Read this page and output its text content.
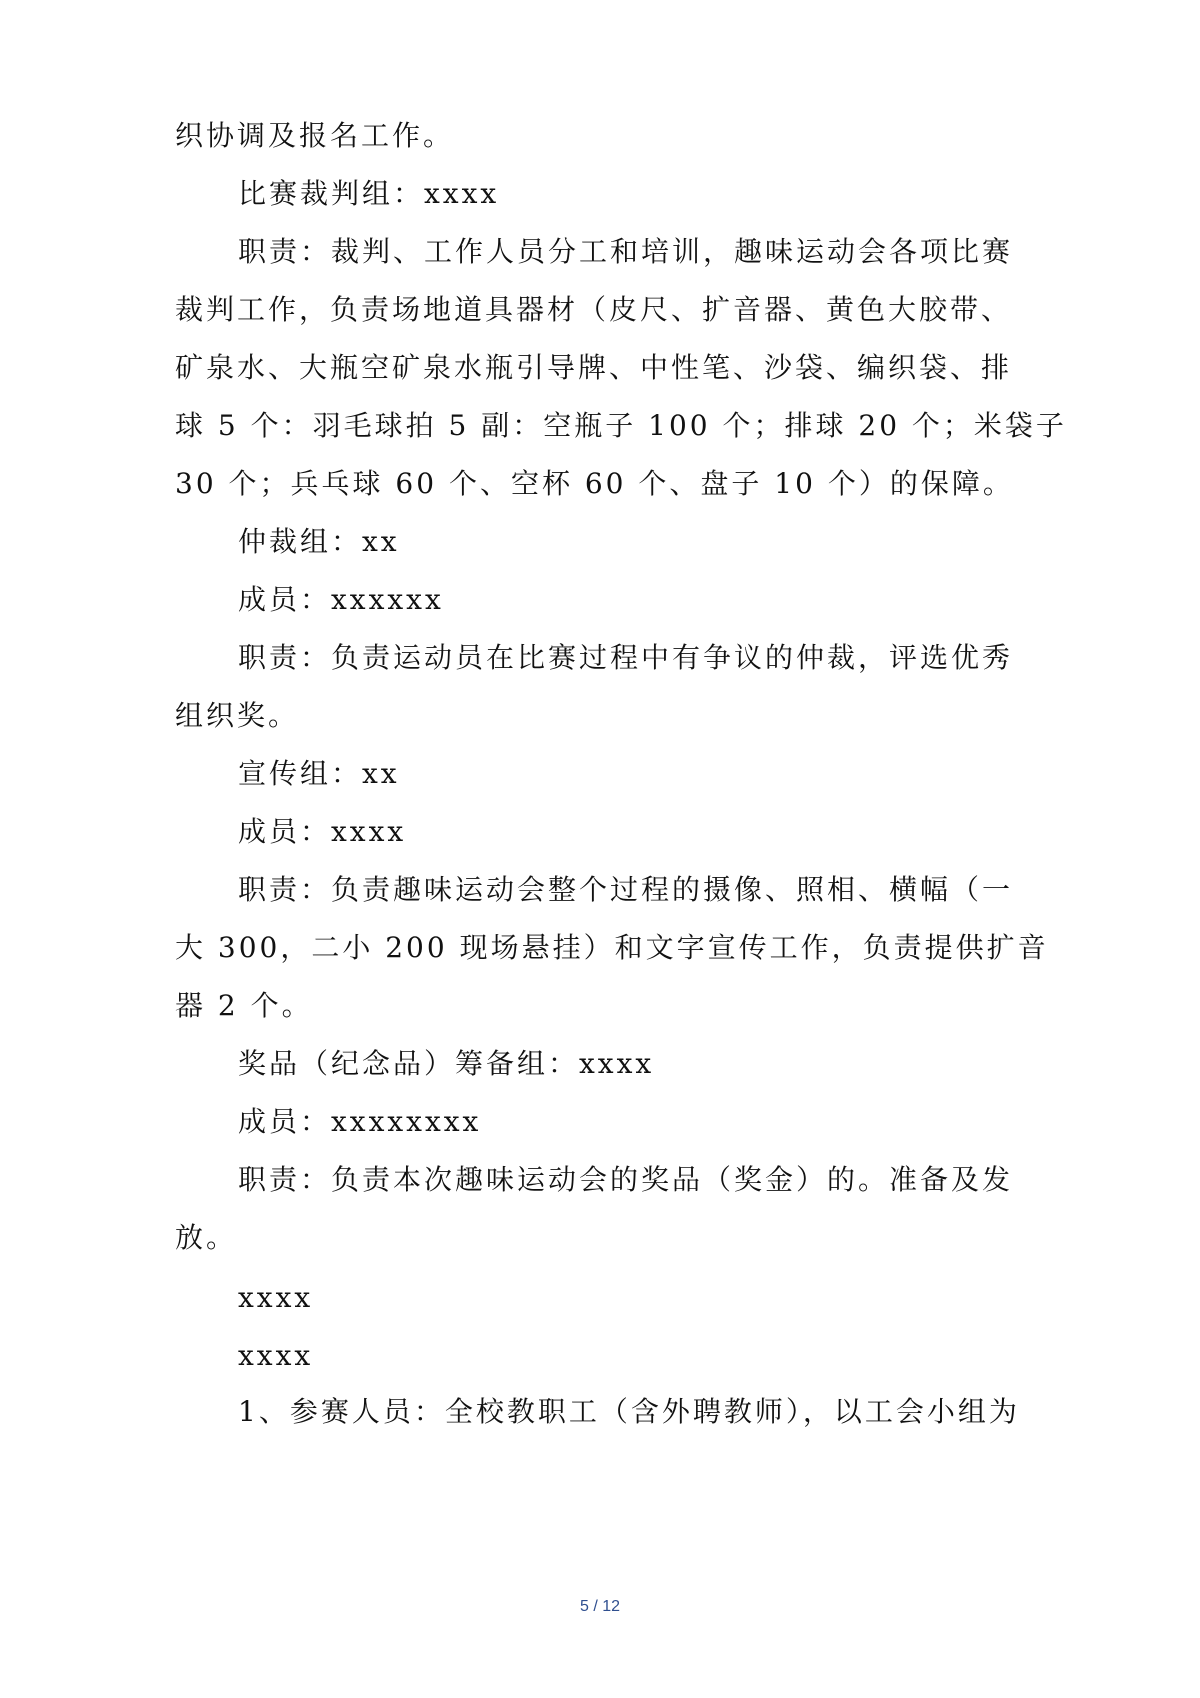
织协调及报名工作。
比赛裁判组：xxxx
职责：裁判、工作人员分工和培训，趣味运动会各项比赛
裁判工作，负责场地道具器材（皮尺、扩音器、黄色大胶带、
矿泉水、大瓶空矿泉水瓶引导牌、中性笔、沙袋、编织袋、排
球 5 个：羽毛球拍 5 副：空瓶子 100 个；排球 20 个；米袋子
30 个；兵乓球 60 个、空杯 60 个、盘子 10 个）的保障。
仲裁组：xx
成员：xxxxxx
职责：负责运动员在比赛过程中有争议的仲裁，评选优秀
组织奖。
宣传组：xx
成员：xxxx
职责：负责趣味运动会整个过程的摄像、照相、横幅（一
大 300，二小 200 现场悬挂）和文字宣传工作，负责提供扩音
器 2 个。
奖品（纪念品）筹备组：xxxx
成员：xxxxxxxx
职责：负责本次趣味运动会的奖品（奖金）的。准备及发
放。
xxxx
xxxx
1、参赛人员：全校教职工（含外聘教师），以工会小组为
5 / 12
